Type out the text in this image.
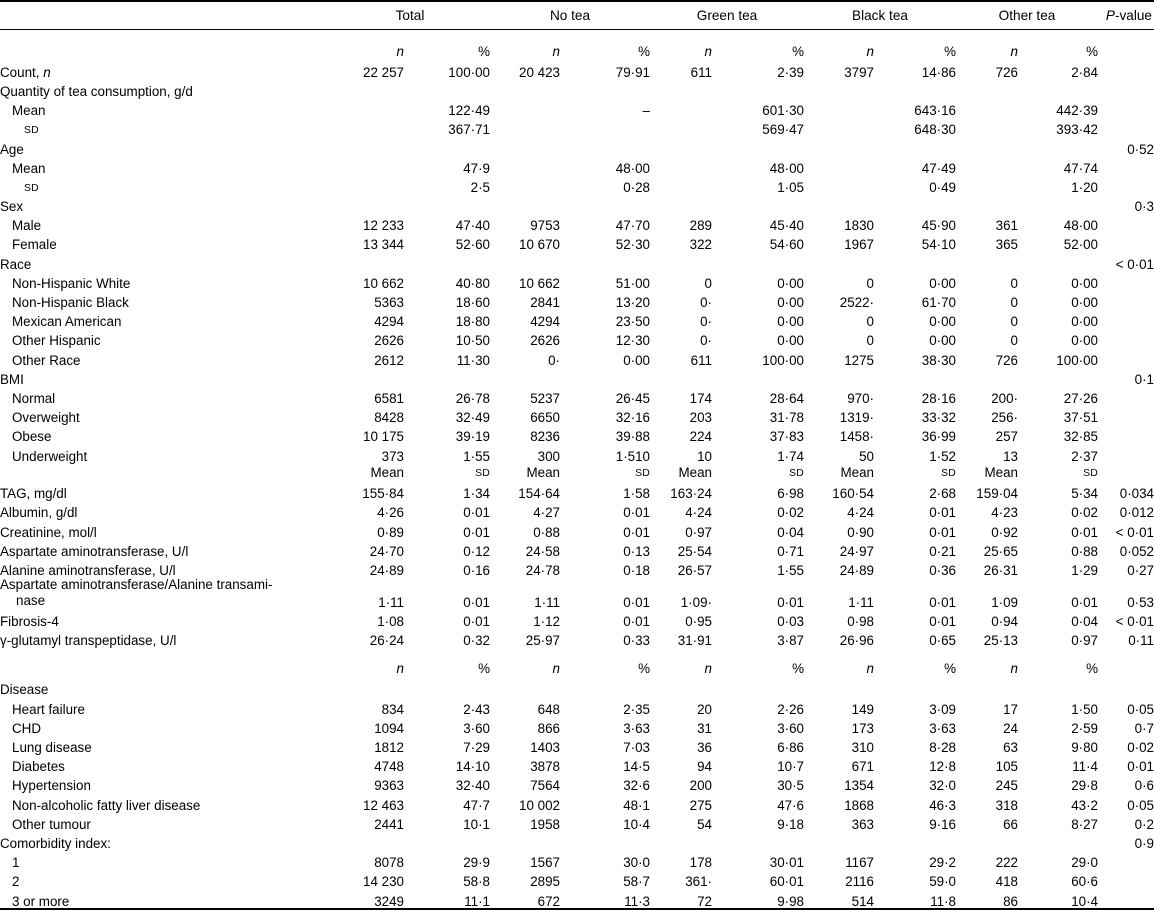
	Total		No tea		Green tea		Black tea		Other tea		P-value

	n	%	n	%	n	%	n	%	n	%	
Count, n	22 257	100·00	20 423	79·91	611	2·39	3797	14·86	726	2·84	
Quantity of tea consumption, g/d											
Mean		122·49		–		601·30		643·16		442·39	
SD		367·71				569·47		648·30		393·42	
Age											0·52
Mean		47·9		48·00		48·00		47·49		47·74	
SD		2·5		0·28		1·05		0·49		1·20	
Sex											0·3
Male	12 233	47·40	9753	47·70	289	45·40	1830	45·90	361	48·00	
Female	13 344	52·60	10 670	52·30	322	54·60	1967	54·10	365	52·00	
Race											< 0·01
Non-Hispanic White	10 662	40·80	10 662	51·00	0	0·00	0	0·00	0	0·00	
Non-Hispanic Black	5363	18·60	2841	13·20	0·	0·00	2522·	61·70	0	0·00	
Mexican American	4294	18·80	4294	23·50	0·	0·00	0	0·00	0	0·00	
Other Hispanic	2626	10·50	2626	12·30	0·	0·00	0	0·00	0	0·00	
Other Race	2612	11·30	0·	0·00	611	100·00	1275	38·30	726	100·00	
BMI											0·1
Normal	6581	26·78	5237	26·45	174	28·64	970·	28·16	200·	27·26	
Overweight	8428	32·49	6650	32·16	203	31·78	1319·	33·32	256·	37·51	
Obese	10 175	39·19	8236	39·88	224	37·83	1458·	36·99	257	32·85	
Underweight	373	1·55	300	1·510	10	1·74	50	1·52	13	2·37	
	Mean	SD	Mean	SD	Mean	SD	Mean	SD	Mean	SD	
TAG, mg/dl	155·84	1·34	154·64	1·58	163·24	6·98	160·54	2·68	159·04	5·34	0·034
Albumin, g/dl	4·26	0·01	4·27	0·01	4·24	0·02	4·24	0·01	4·23	0·02	0·012
Creatinine, mol/l	0·89	0·01	0·88	0·01	0·97	0·04	0·90	0·01	0·92	0·01	< 0·01
Aspartate aminotransferase, U/l	24·70	0·12	24·58	0·13	25·54	0·71	24·97	0·21	25·65	0·88	0·052
Alanine aminotransferase, U/l	24·89	0·16	24·78	0·18	26·57	1·55	24·89	0·36	26·31	1·29	0·27
Aspartate aminotransferase/Alanine transami-
nase	1·11	0·01	1·11	0·01	1·09·	0·01	1·11	0·01	1·09	0·01	0·53
Fibrosis-4	1·08	0·01	1·12	0·01	0·95	0·03	0·98	0·01	0·94	0·04	< 0·01
γ-glutamyl transpeptidase, U/l	26·24	0·32	25·97	0·33	31·91	3·87	26·96	0·65	25·13	0·97	0·11
	n	%	n	%	n	%	n	%	n	%	
Disease											
Heart failure	834	2·43	648	2·35	20	2·26	149	3·09	17	1·50	0·05
CHD	1094	3·60	866	3·63	31	3·60	173	3·63	24	2·59	0·7
Lung disease	1812	7·29	1403	7·03	36	6·86	310	8·28	63	9·80	0·02
Diabetes	4748	14·10	3878	14·5	94	10·7	671	12·8	105	11·4	0·01
Hypertension	9363	32·40	7564	32·6	200	30·5	1354	32·0	245	29·8	0·6
Non-alcoholic fatty liver disease	12 463	47·7	10 002	48·1	275	47·6	1868	46·3	318	43·2	0·05
Other tumour	2441	10·1	1958	10·4	54	9·18	363	9·16	66	8·27	0·2
Comorbidity index:											0·9
1	8078	29·9	1567	30·0	178	30·01	1167	29·2	222	29·0	
2	14 230	58·8	2895	58·7	361·	60·01	2116	59·0	418	60·6	
3 or more	3249	11·1	672	11·3	72	9·98	514	11·8	86	10·4	
